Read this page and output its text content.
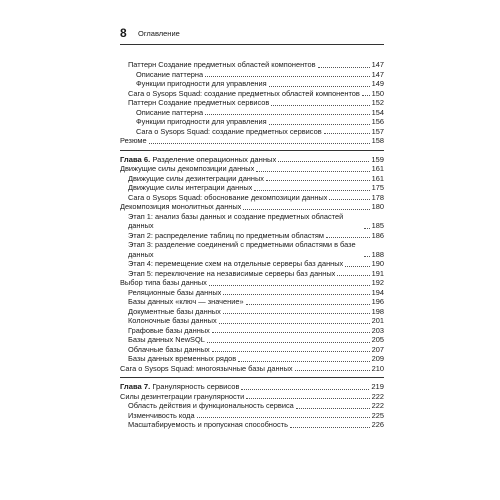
8 Оглавление
Паттерн Создание предметных областей компонентов	147
Описание паттерна	147
Функции пригодности для управления	149
Сага о Sysops Squad: создание предметных областей компонентов 150
Паттерн Создание предметных сервисов	152
Описание паттерна	154
Функции пригодности для управления	156
Сага о Sysops Squad: создание предметных сервисов	157
Резюме	158
Глава 6. Разделение операционных данных	159
Движущие силы декомпозиции данных	161
Движущие силы дезинтеграции данных	161
Движущие силы интеграции данных	175
Сага о Sysops Squad: обоснование декомпозиции данных	178
Декомпозиция монолитных данных	180
Этап 1: анализ базы данных и создание предметных областей данных	185
Этап 2: распределение таблиц по предметным областям	186
Этап 3: разделение соединений с предметными областями в базе данных	188
Этап 4: перемещение схем на отдельные серверы баз данных	190
Этап 5: переключение на независимые серверы баз данных	191
Выбор типа базы данных	192
Реляционные базы данных	194
Базы данных «ключ — значение»	196
Документные базы данных	198
Колоночные базы данных	201
Графовые базы данных	203
Базы данных NewSQL	205
Облачные базы данных	207
Базы данных временных рядов	209
Сага о Sysops Squad: многоязычные базы данных	210
Глава 7. Гранулярность сервисов	219
Силы дезинтеграции гранулярности	222
Область действия и функциональность сервиса	222
Изменчивость кода	225
Масштабируемость и пропускная способность	226
